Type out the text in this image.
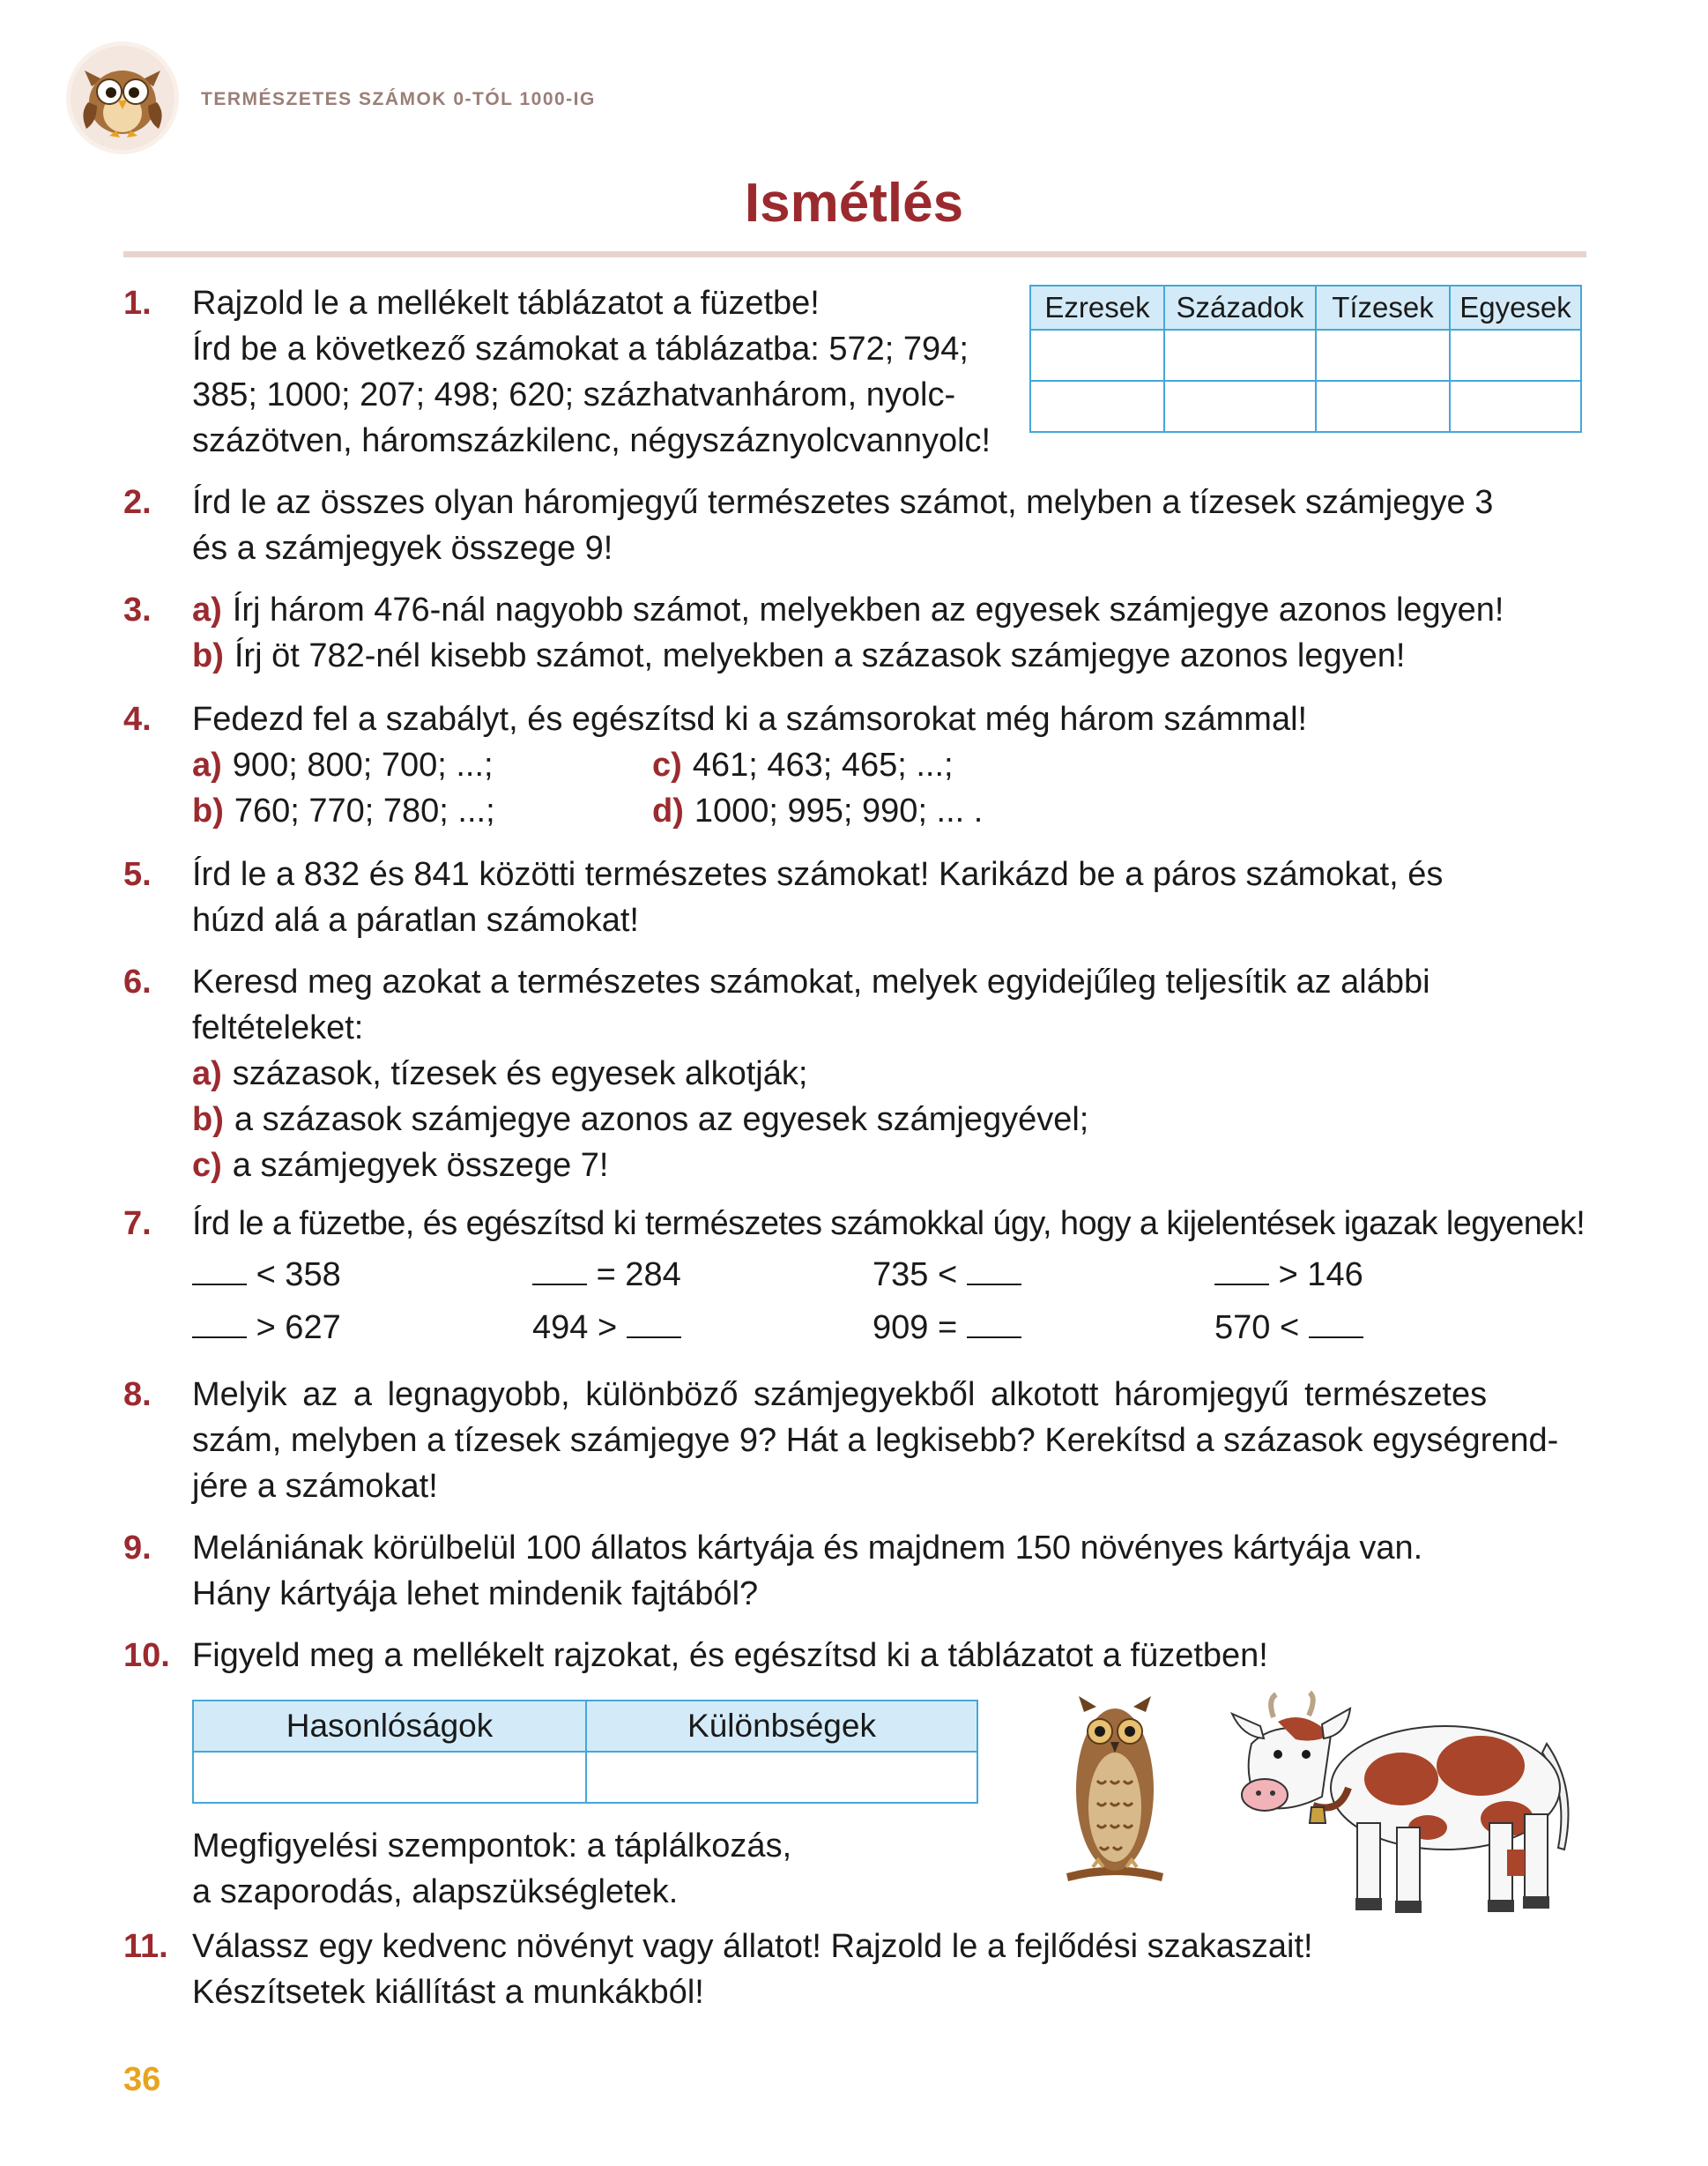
TERMÉSZETES SZÁMOK 0-TÓL 1000-IG
Ismétlés
1. Rajzold le a mellékelt táblázatot a füzetbe!
Írd be a következő számokat a táblázatba: 572; 794;
385; 1000; 207; 498; 620; százhatvanhárom, nyolc-
százötven, háromszázkilenc, négyszáznyolcvannyolc!
Ezresek	Századok	Tízesek	Egyesek

2. Írd le az összes olyan háromjegyű természetes számot, melyben a tízesek számjegye 3
és a számjegyek összege 9!
3. a) Írj három 476-nál nagyobb számot, melyekben az egyesek számjegye azonos legyen!
b) Írj öt 782-nél kisebb számot, melyekben a százasok számjegye azonos legyen!
4. Fedezd fel a szabályt, és egészítsd ki a számsorokat még három számmal!
a) 900; 800; 700; ...;	c) 461; 463; 465; ...;
b) 760; 770; 780; ...;	d) 1000; 995; 990; ... .
5. Írd le a 832 és 841 közötti természetes számokat! Karikázd be a páros számokat, és
húzd alá a páratlan számokat!
6. Keresd meg azokat a természetes számokat, melyek egyidejűleg teljesítik az alábbi
feltételeket:
a) százasok, tízesek és egyesek alkotják;
b) a százasok számjegye azonos az egyesek számjegyével;
c) a számjegyek összege 7!
7. Írd le a füzetbe, és egészítsd ki természetes számokkal úgy, hogy a kijelentések igazak legyenek!
< 358	= 284	735 <	> 146
> 627	494 >	909 =	570 <
8. Melyik az a legnagyobb, különböző számjegyekből alkotott háromjegyű természetes
szám, melyben a tízesek számjegye 9? Hát a legkisebb? Kerekítsd a százasok egységrend-
jére a számokat!
9. Melániának körülbelül 100 állatos kártyája és majdnem 150 növényes kártyája van.
Hány kártyája lehet mindenik fajtából?
10. Figyeld meg a mellékelt rajzokat, és egészítsd ki a táblázatot a füzetben!
Hasonlóságok	Különbségek

Megfigyelési szempontok: a táplálkozás,
a szaporodás, alapszükségletek.
11. Válassz egy kedvenc növényt vagy állatot! Rajzold le a fejlődési szakaszait!
Készítsetek kiállítást a munkákból!
36
